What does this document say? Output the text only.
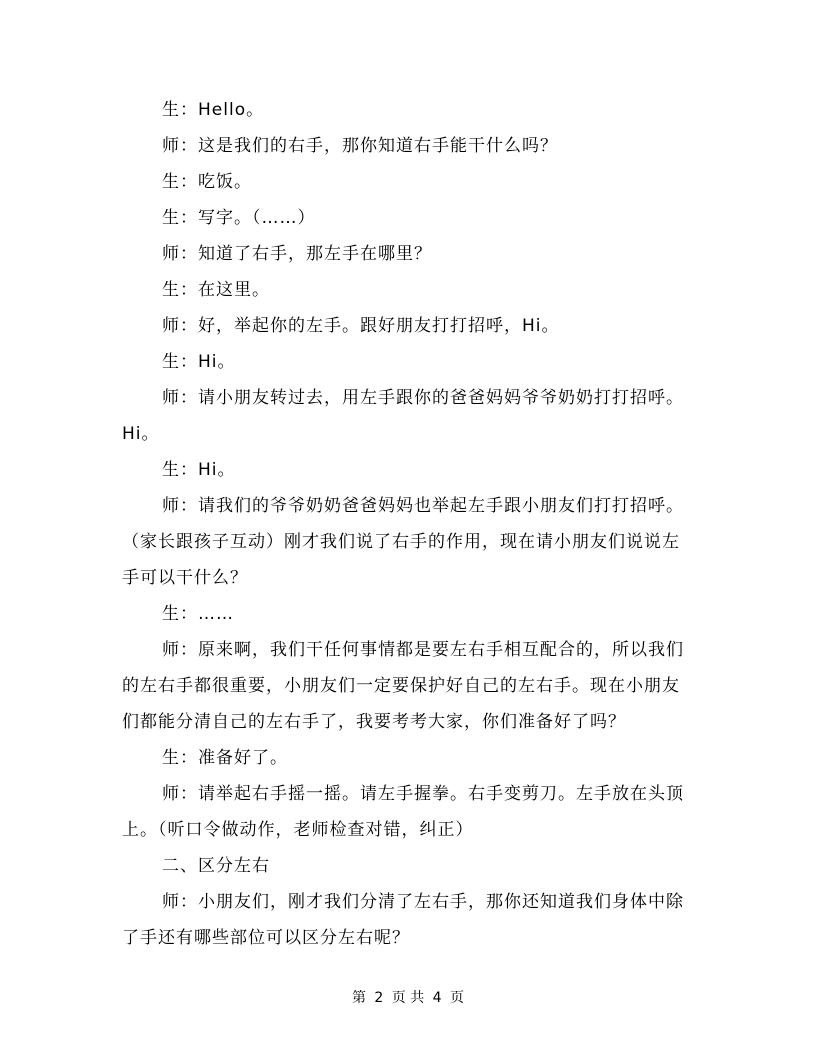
生：Hello。

师：这是我们的右手，那你知道右手能干什么吗？

生：吃饭。

生：写字。（……）

师：知道了右手，那左手在哪里？

生：在这里。

师：好，举起你的左手。跟好朋友打打招呼，Hi。

生：Hi。

师：请小朋友转过去，用左手跟你的爸爸妈妈爷爷奶奶打打招呼。Hi。

生：Hi。

师：请我们的爷爷奶奶爸爸妈妈也举起左手跟小朋友们打打招呼。（家长跟孩子互动）刚才我们说了右手的作用，现在请小朋友们说说左手可以干什么？

生：……

师：原来啊，我们干任何事情都是要左右手相互配合的，所以我们的左右手都很重要，小朋友们一定要保护好自己的左右手。现在小朋友们都能分清自己的左右手了，我要考考大家，你们准备好了吗？

生：准备好了。

师：请举起右手摇一摇。请左手握拳。右手变剪刀。左手放在头顶上。（听口令做动作，老师检查对错，纠正）

二、区分左右

师：小朋友们，刚才我们分清了左右手，那你还知道我们身体中除了手还有哪些部位可以区分左右呢？

第 2 页 共 4 页
